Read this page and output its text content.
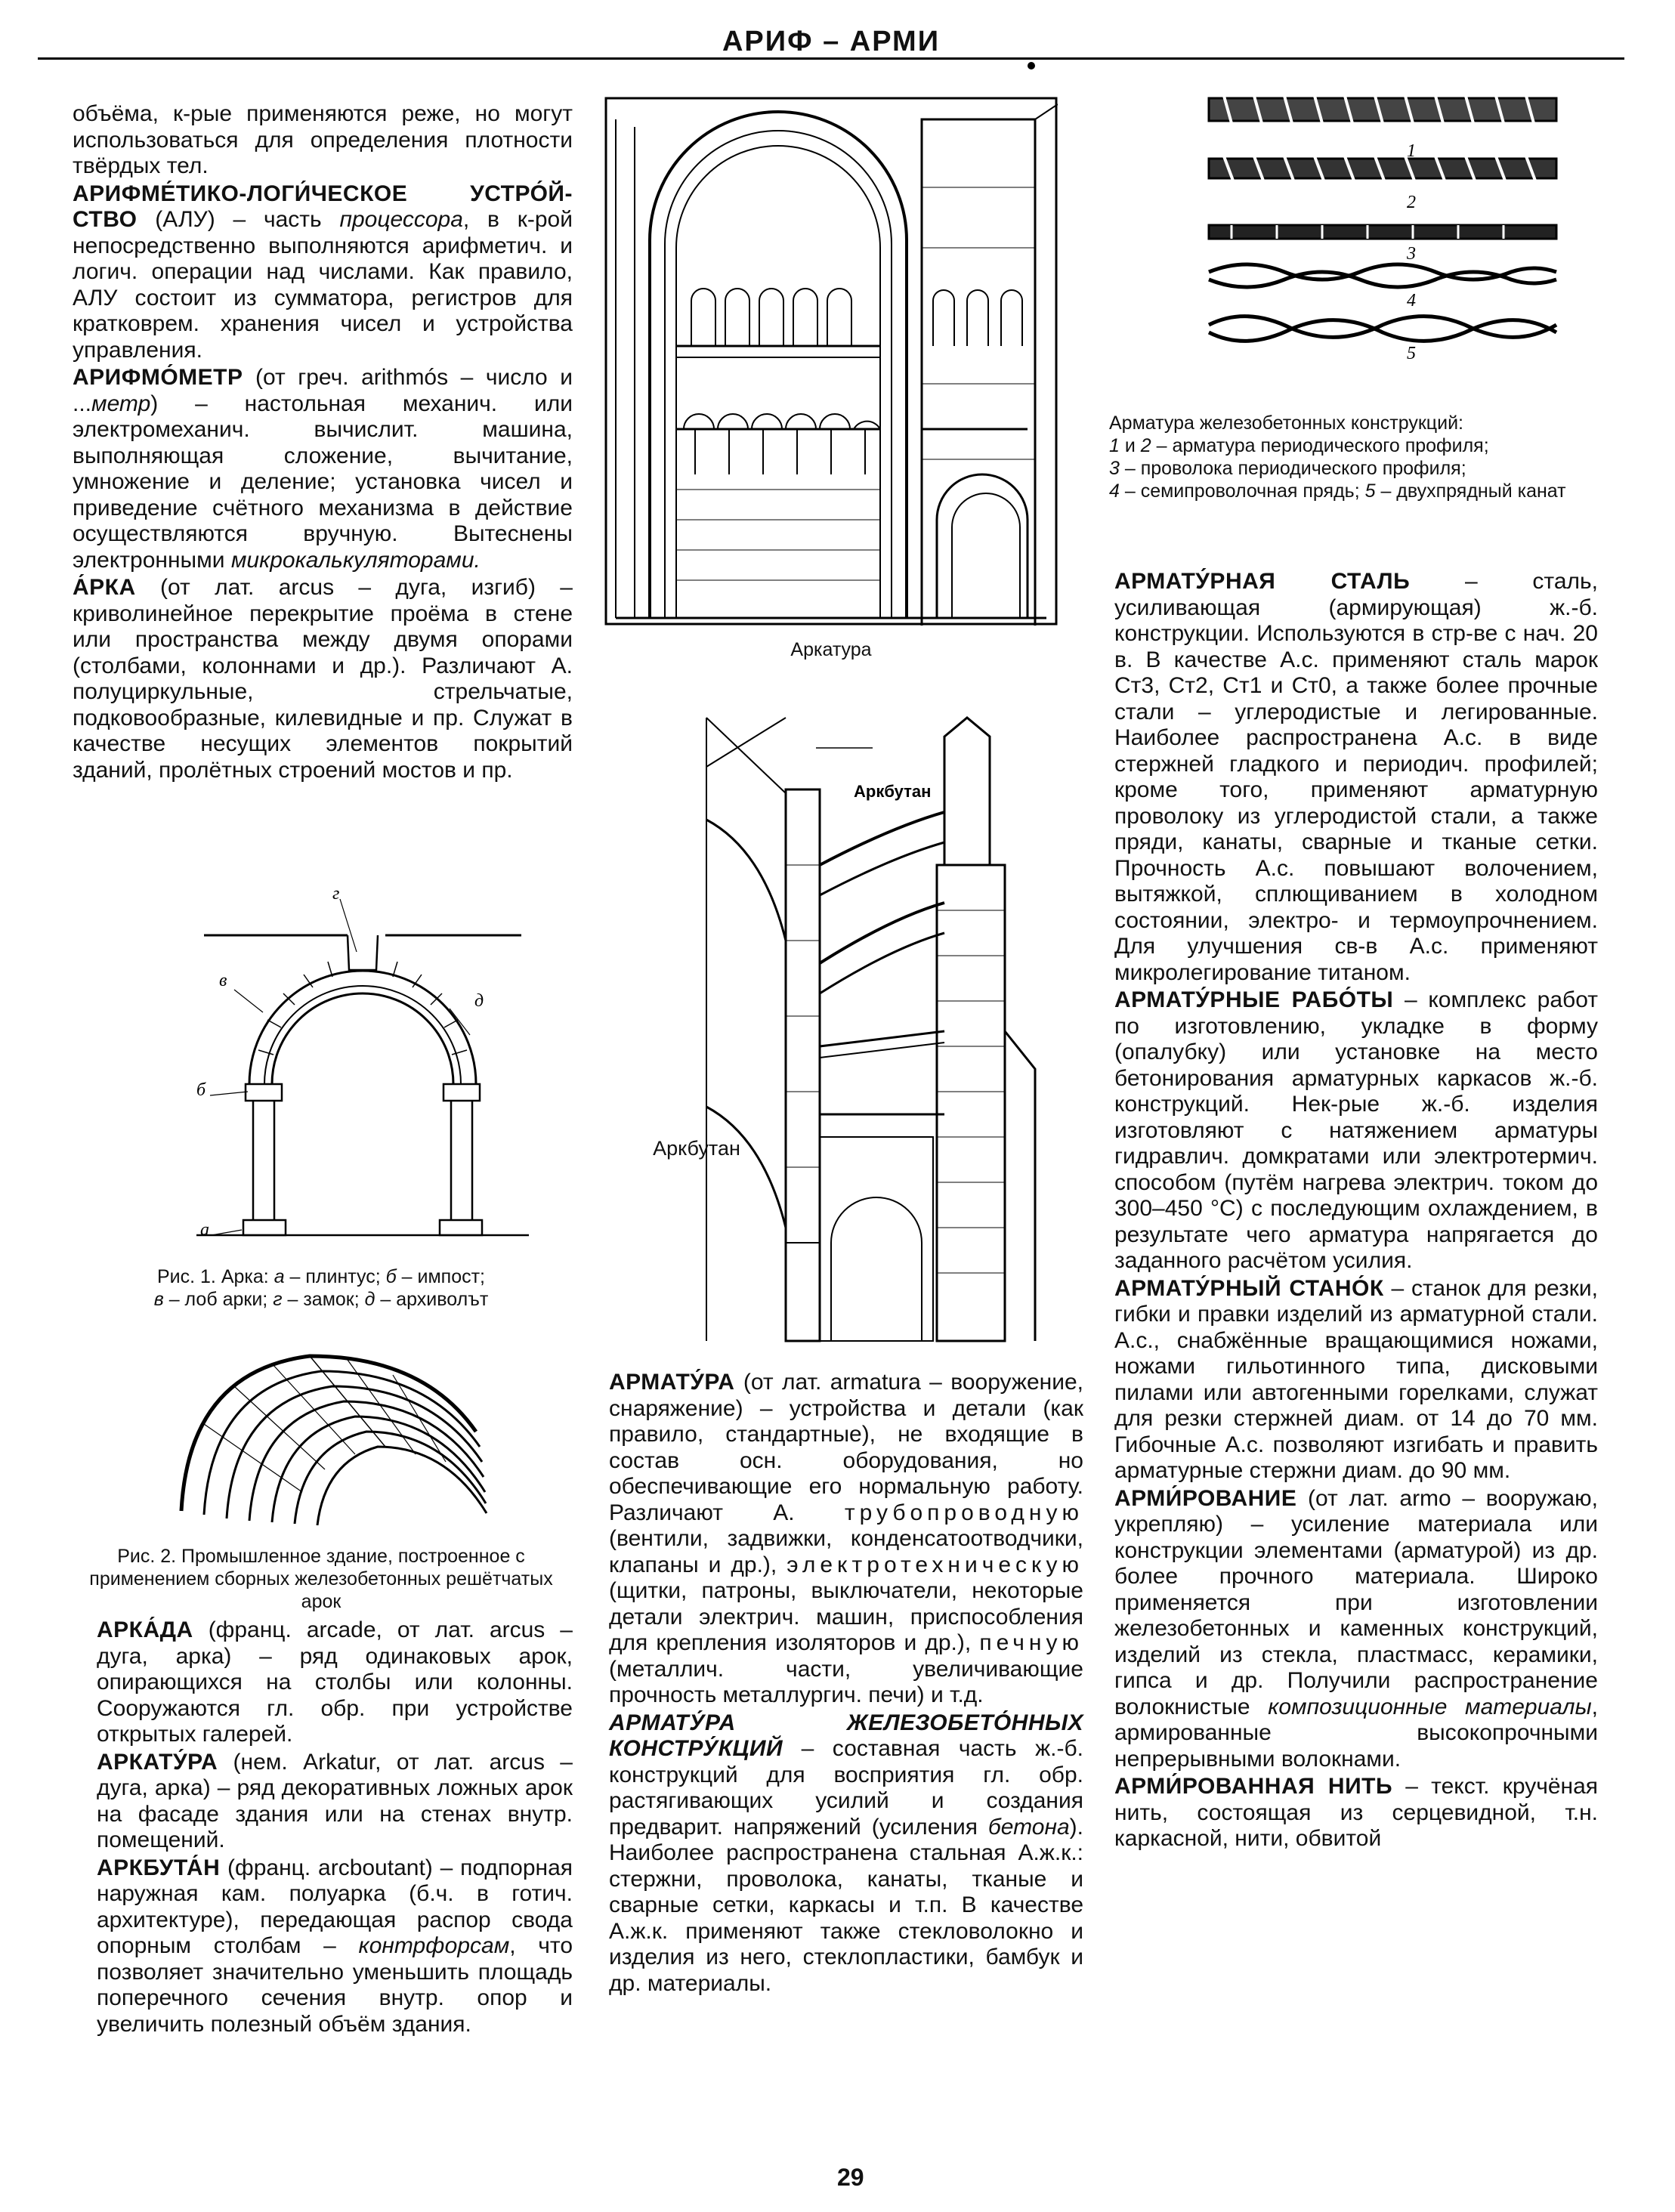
АРИФ – АРМИ

объёма, к-рые применяются реже, но могут использоваться для определения плотности твёрдых тел.

АРИФМЕ́ТИКО-ЛОГИ́ЧЕСКОЕ УСТРО́Й-СТВО (АЛУ) – часть процессора, в к-рой непосредственно выполняются арифметич. и логич. операции над числами. Как правило, АЛУ состоит из сумматора, регистров для кратковрем. хранения чисел и устройства управления.

АРИФМО́МЕТР (от греч. arithmós – число и ...метр) – настольная механич. или электромеханич. вычислит. машина, выполняющая сложение, вычитание, умножение и деление; установка чисел и приведение счётного механизма в действие осуществляются вручную. Вытеснены электронными микрокалькуляторами.

А́РКА (от лат. arcus – дуга, изгиб) – криволинейное перекрытие проёма в стене или пространства между двумя опорами (столбами, колоннами и др.). Различают А. полуциркульные, стрельчатые, подковообразные, килевидные и пр. Служат в качестве несущих элементов покрытий зданий, пролётных строений мостов и пр.

г
в
д
б
а
Рис. 1. Арка: а – плинтус; б – импост;
в – лоб арки; г – замок; д – архиволът
Рис. 2. Промышленное здание, построенное с применением сборных железобетонных решётчатых арок

АРКА́ДА (франц. arcade, от лат. arcus – дуга, арка) – ряд одинаковых арок, опирающихся на столбы или колонны. Сооружаются гл. обр. при устройстве открытых галерей.

АРКАТУ́РА (нем. Arkatur, от лат. arcus – дуга, арка) – ряд декоративных ложных арок на фасаде здания или на стенах внутр. помещений.

АРКБУТА́Н (франц. arcboutant) – подпорная наружная кам. полуарка (б.ч. в готич. архитектуре), передающая распор свода опорным столбам – контрфорсам, что позволяет значительно уменьшить площадь поперечного сечения внутр. опор и увеличить полезный объём здания.

Аркатура
Аркбутан
Аркбутан

АРМАТУ́РА (от лат. armatura – вооружение, снаряжение) – устройства и детали (как правило, стандартные), не входящие в состав осн. оборудования, но обеспечивающие его нормальную работу. Различают А. трубопроводную (вентили, задвижки, конденсатоотводчики, клапаны и др.), электротехническую (щитки, патроны, выключатели, некоторые детали электрич. машин, приспособления для крепления изоляторов и др.), печную (металлич. части, увеличивающие прочность металлургич. печи) и т.д.

АРМАТУ́РА ЖЕЛЕЗОБЕТО́ННЫХ КОНСТРУ́КЦИЙ – составная часть ж.-б. конструкций для восприятия гл. обр. растягивающих усилий и создания предварит. напряжений (усиления бетона). Наиболее распространена стальная А.ж.к.: стержни, проволока, канаты, тканые и сварные сетки, каркасы и т.п. В качестве А.ж.к. применяют также стекловолокно и изделия из него, стеклопластики, бамбук и др. материалы.

1
2
3
4
5
Арматура железобетонных конструкций:
1 и 2 – арматура периодического профиля;
3 – проволока периодического профиля;
4 – семипроволочная прядь; 5 – двухпрядный канат

АРМАТУ́РНАЯ СТАЛЬ – сталь, усиливающая (армирующая) ж.-б. конструкции. Используются в стр-ве с нач. 20 в. В качестве А.с. применяют сталь марок Ст3, Ст2, Ст1 и Ст0, а также более прочные стали – углеродистые и легированные. Наиболее распространена А.с. в виде стержней гладкого и периодич. профилей; кроме того, применяют арматурную проволоку из углеродистой стали, а также пряди, канаты, сварные и тканые сетки. Прочность А.с. повышают волочением, вытяжкой, сплющиванием в холодном состоянии, электро- и термоупрочнением. Для улучшения св-в А.с. применяют микролегирование титаном.

АРМАТУ́РНЫЕ РАБО́ТЫ – комплекс работ по изготовлению, укладке в форму (опалубку) или установке на место бетонирования арматурных каркасов ж.-б. конструкций. Нек-рые ж.-б. изделия изготовляют с натяжением арматуры гидравлич. домкратами или электротермич. способом (путём нагрева электрич. током до 300–450 °C) с последующим охлаждением, в результате чего арматура напрягается до заданного расчётом усилия.

АРМАТУ́РНЫЙ СТАНО́К – станок для резки, гибки и правки изделий из арматурной стали. А.с., снабжённые вращающимися ножами, ножами гильотинного типа, дисковыми пилами или автогенными горелками, служат для резки стержней диам. от 14 до 70 мм. Гибочные А.с. позволяют изгибать и править арматурные стержни диам. до 90 мм.

АРМИ́РОВАНИЕ (от лат. armo – вооружаю, укрепляю) – усиление материала или конструкции элементами (арматурой) из др. более прочного материала. Широко применяется при изготовлении железобетонных и каменных конструкций, изделий из стекла, пластмасс, керамики, гипса и др. Получили распространение волокнистые композиционные материалы, армированные высокопрочными непрерывными волокнами.

АРМИ́РОВАННАЯ НИТЬ – текст. кручёная нить, состоящая из серцевидной, т.н. каркасной, нити, обвитой

29
